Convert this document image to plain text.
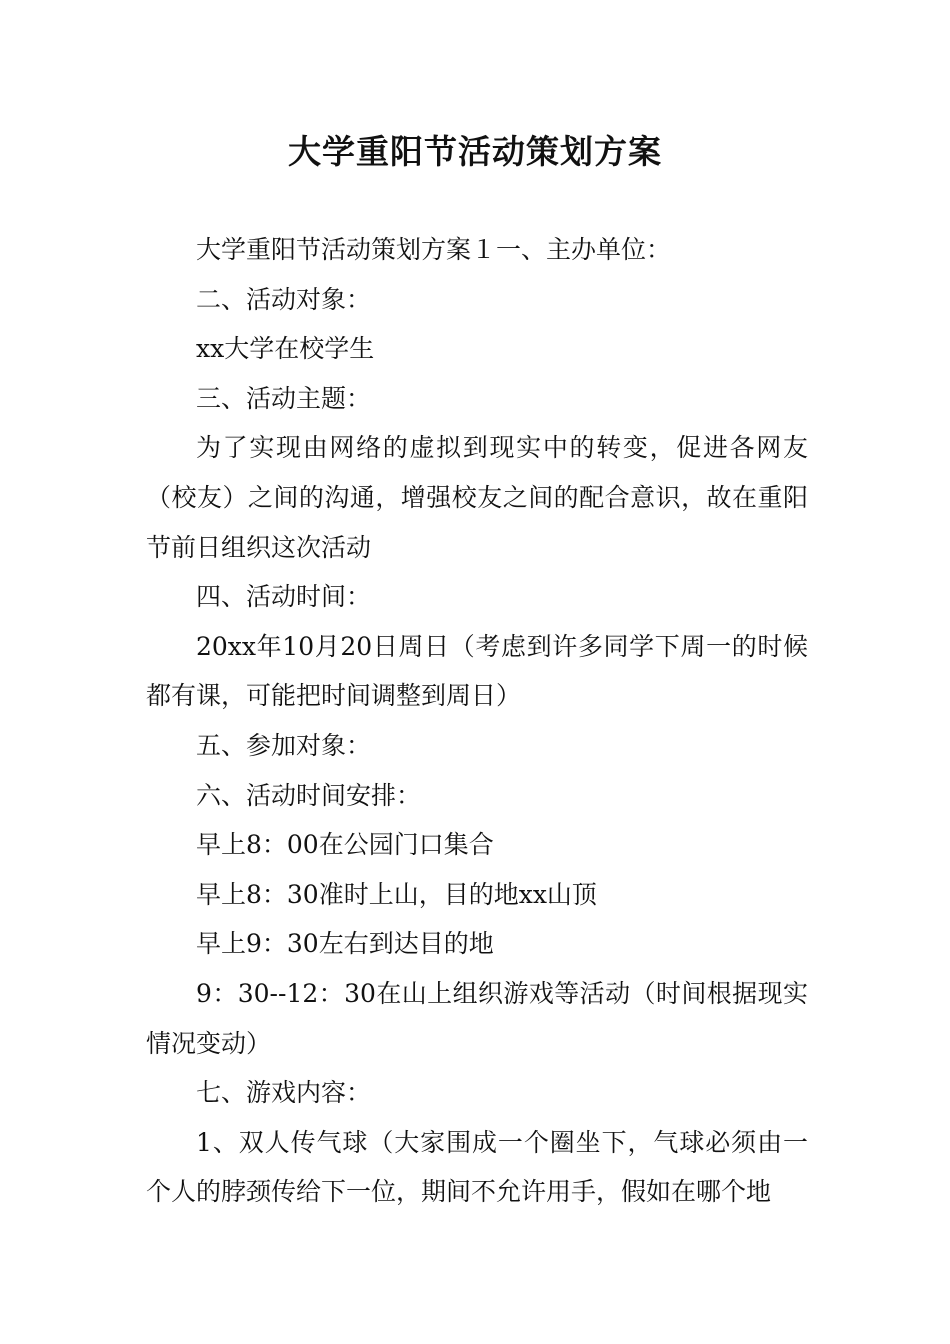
大学重阳节活动策划方案

大学重阳节活动策划方案１一、主办单位：

二、活动对象：

xx大学在校学生

三、活动主题：

为了实现由网络的虚拟到现实中的转变，促进各网友（校友）之间的沟通，增强校友之间的配合意识，故在重阳节前日组织这次活动

四、活动时间：

20xx年10月20日周日（考虑到许多同学下周一的时候都有课，可能把时间调整到周日）

五、参加对象：

六、活动时间安排：

早上8：00在公园门口集合

早上8：30准时上山，目的地xx山顶

早上9：30左右到达目的地

9：30--12：30在山上组织游戏等活动（时间根据现实情况变动）

七、游戏内容：

1、双人传气球（大家围成一个圈坐下，气球必须由一个人的脖颈传给下一位，期间不允许用手，假如在哪个地
